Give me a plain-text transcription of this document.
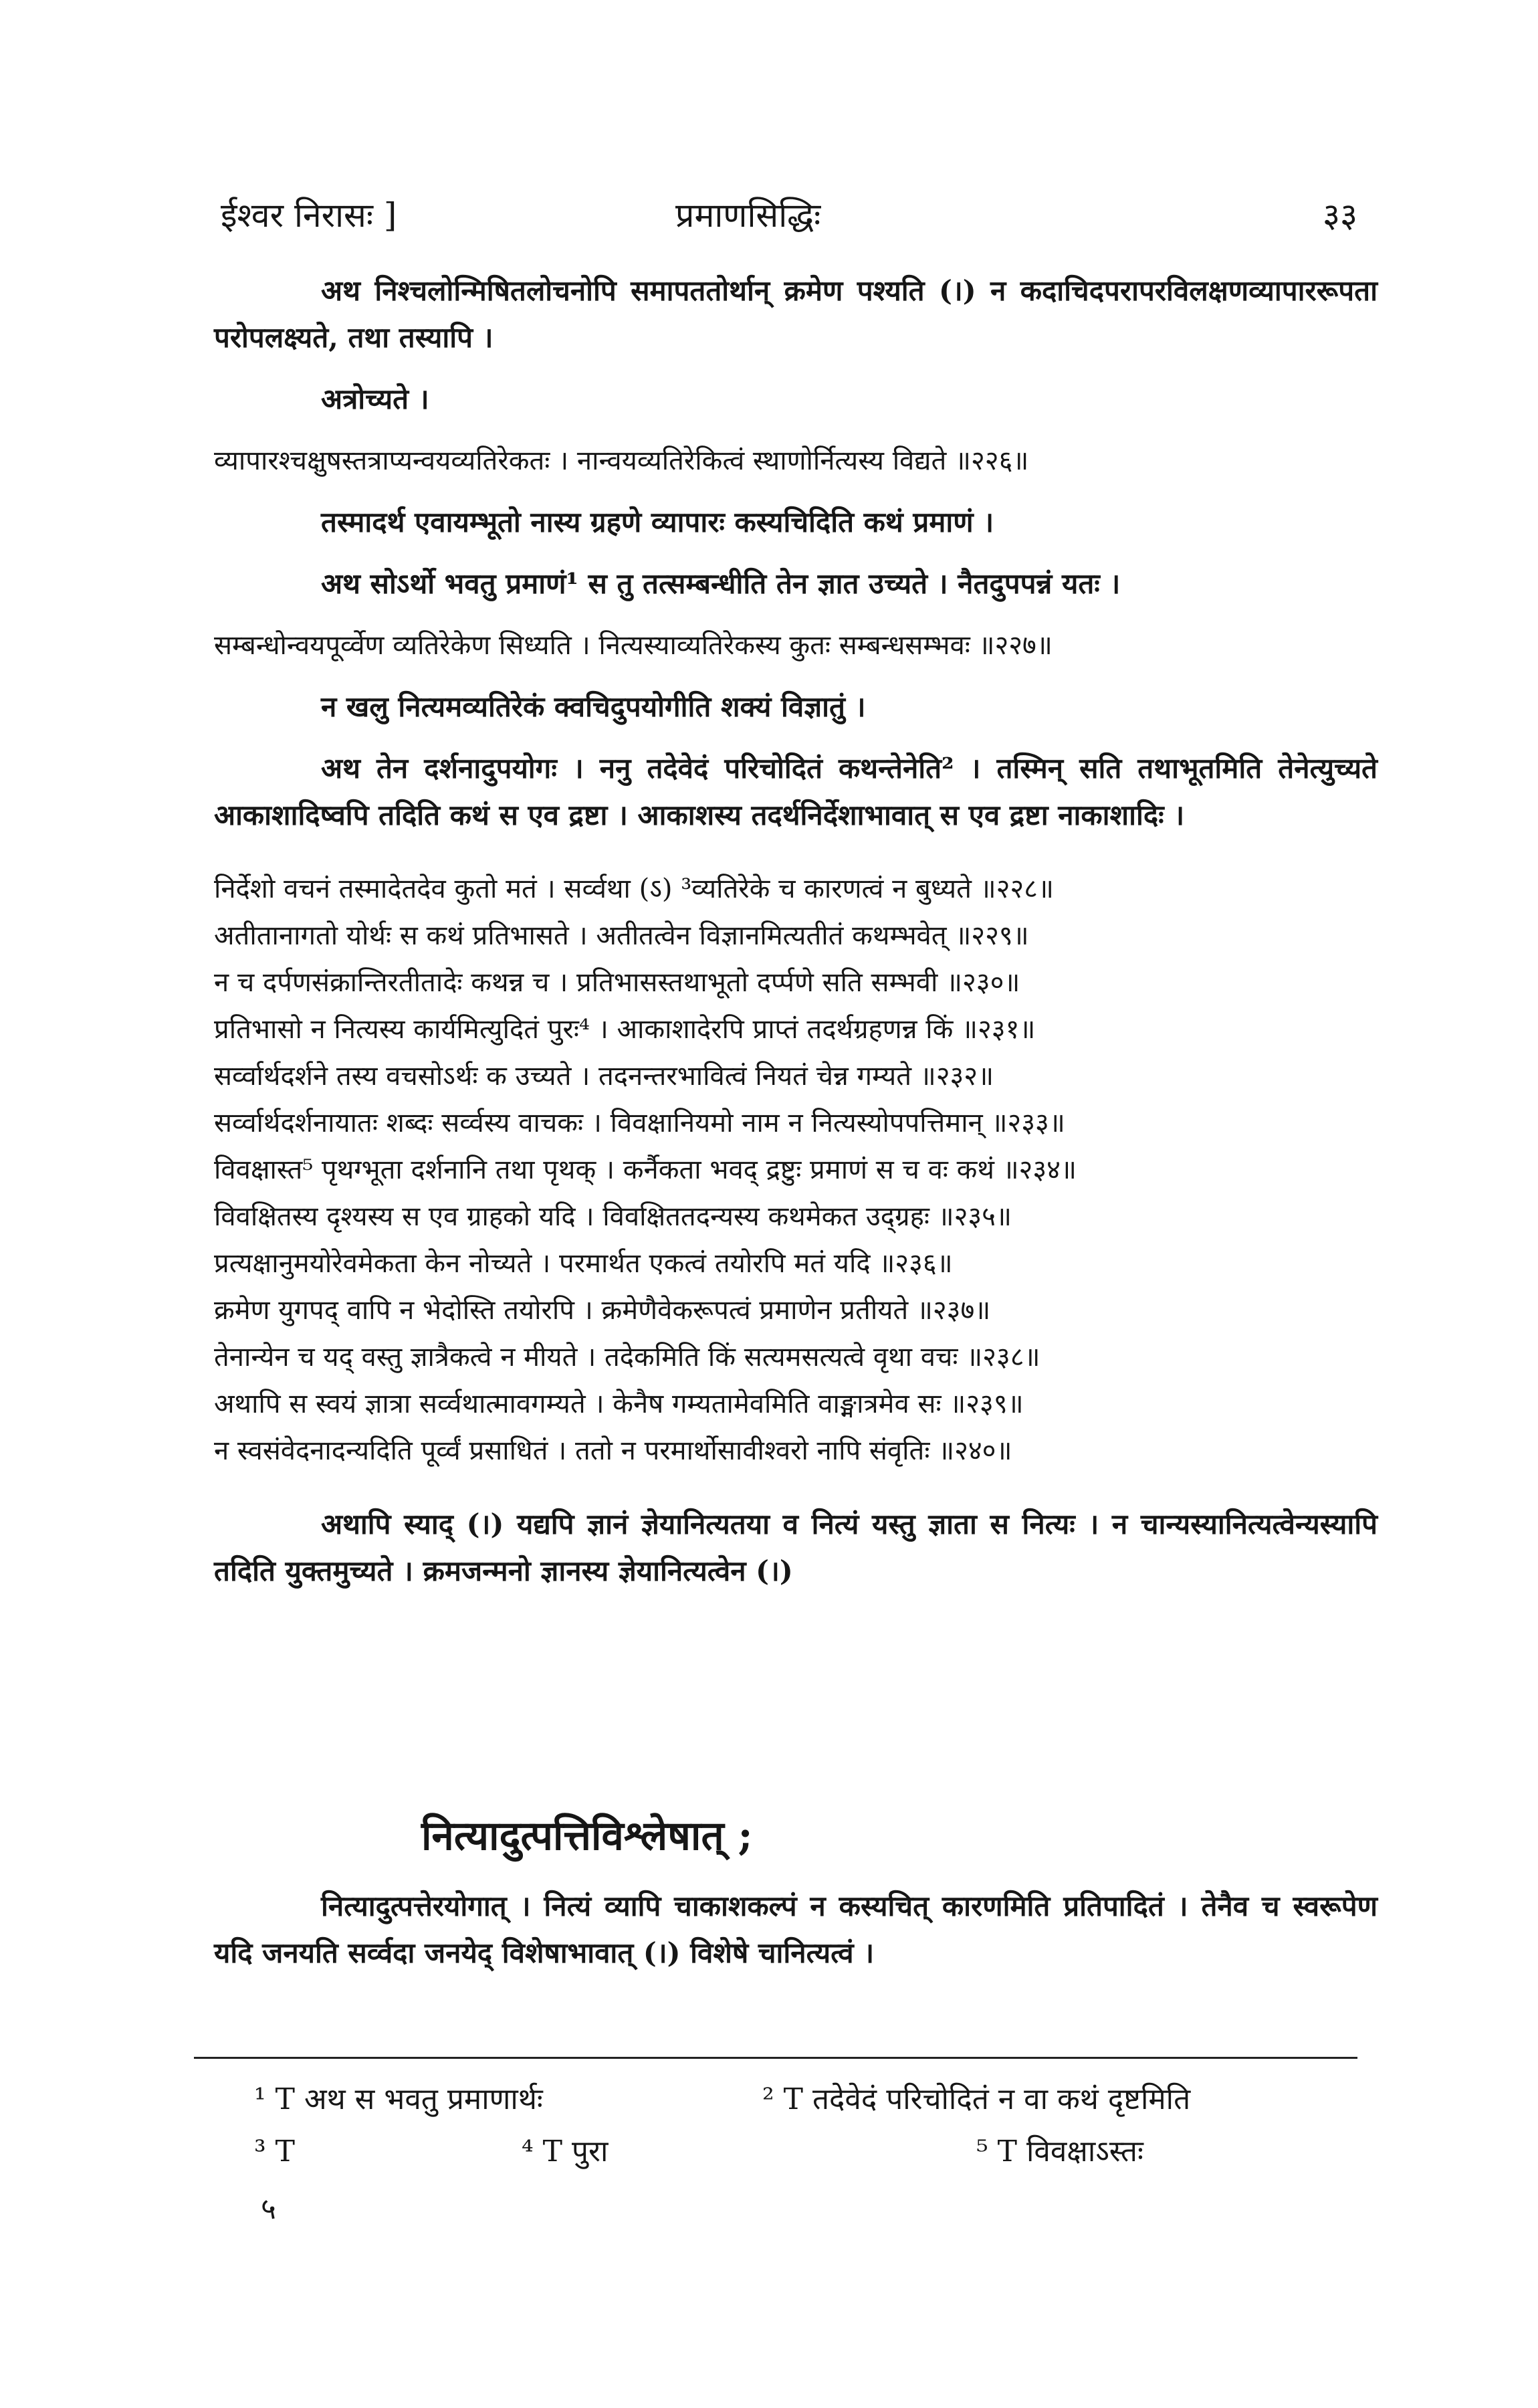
ईश्वर निरासः ]	प्रमाणसिद्धिः	३३

अथ निश्चलोन्मिषितलोचनोपि समापततोर्थान् क्रमेण पश्यति (।) न कदाचिदपरापरविलक्षणव्यापाररूपता परोपलक्ष्यते, तथा तस्यापि ।

अत्रोच्यते ।

व्यापारश्चक्षुषस्तत्राप्यन्वयव्यतिरेकतः । नान्वयव्यतिरेकित्वं स्थाणोर्नित्यस्य विद्यते ॥२२६॥

तस्मादर्थ एवायम्भूतो नास्य ग्रहणे व्यापारः कस्यचिदिति कथं प्रमाणं ।

अथ सोऽर्थो भवतु प्रमाणं¹ स तु तत्सम्बन्धीति तेन ज्ञात उच्यते । नैतदुपपन्नं यतः ।

सम्बन्धोन्वयपूर्व्वेण व्यतिरेकेण सिध्यति । नित्यस्याव्यतिरेकस्य कुतः सम्बन्धसम्भवः ॥२२७॥

न खलु नित्यमव्यतिरेकं क्वचिदुपयोगीति शक्यं विज्ञातुं ।

अथ तेन दर्शनादुपयोगः । ननु तदेवेदं परिचोदितं कथन्तेनेति² । तस्मिन् सति तथाभूतमिति तेनेत्युच्यते आकाशादिष्वपि तदिति कथं स एव द्रष्टा । आकाशस्य तदर्थनिर्देशाभावात् स एव द्रष्टा नाकाशादिः ।

निर्देशो वचनं तस्मादेतदेव कुतो मतं । सर्व्वथा (ऽ) ³व्यतिरेके च कारणत्वं न बुध्यते ॥२२८॥

अतीतानागतो योर्थः स कथं प्रतिभासते । अतीतत्वेन विज्ञानमित्यतीतं कथम्भवेत् ॥२२९॥

न च दर्पणसंक्रान्तिरतीतादेः कथन्न च । प्रतिभासस्तथाभूतो दर्प्पणे सति सम्भवी ॥२३०॥

प्रतिभासो न नित्यस्य कार्यमित्युदितं पुरः⁴ । आकाशादेरपि प्राप्तं तदर्थग्रहणन्न किं ॥२३१॥

सर्व्वार्थदर्शने तस्य वचसोऽर्थः क उच्यते । तदनन्तरभावित्वं नियतं चेन्न गम्यते ॥२३२॥

सर्व्वार्थदर्शनायातः शब्दः सर्व्वस्य वाचकः । विवक्षानियमो नाम न नित्यस्योपपत्तिमान् ॥२३३॥

विवक्षास्त⁵ पृथग्भूता दर्शनानि तथा पृथक् । कर्नैकता भवद् द्रष्टुः प्रमाणं स च वः कथं ॥२३४॥

विवक्षितस्य दृश्यस्य स एव ग्राहको यदि । विवक्षिततदन्यस्य कथमेकत उद्ग्रहः ॥२३५॥

प्रत्यक्षानुमयोरेवमेकता केन नोच्यते । परमार्थत एकत्वं तयोरपि मतं यदि ॥२३६॥

क्रमेण युगपद् वापि न भेदोस्ति तयोरपि । क्रमेणैवेकरूपत्वं प्रमाणेन प्रतीयते ॥२३७॥

तेनान्येन च यद् वस्तु ज्ञात्रैकत्वे न मीयते । तदेकमिति किं सत्यमसत्यत्वे वृथा वचः ॥२३८॥

अथापि स स्वयं ज्ञात्रा सर्व्वथात्मावगम्यते । केनैष गम्यतामेवमिति वाङ्मात्रमेव सः ॥२३९॥

न स्वसंवेदनादन्यदिति पूर्व्वं प्रसाधितं । ततो न परमार्थोसावीश्वरो नापि संवृतिः ॥२४०॥

अथापि स्याद् (।) यद्यपि ज्ञानं ज्ञेयानित्यतया व नित्यं यस्तु ज्ञाता स नित्यः । न चान्यस्यानित्यत्वेन्यस्यापि तदिति युक्तमुच्यते । क्रमजन्मनो ज्ञानस्य ज्ञेयानित्यत्वेन (।)

नित्यादुत्पत्तिविश्लेषात् ;

नित्यादुत्पत्तेरयोगात् । नित्यं व्यापि चाकाशकल्पं न कस्यचित् कारणमिति प्रतिपादितं । तेनैव च स्वरूपेण यदि जनयति सर्व्वदा जनयेद् विशेषाभावात् (।) विशेषे चानित्यत्वं ।

¹ T अथ स भवतु प्रमाणार्थः	² T तदेवेदं परिचोदितं न वा कथं दृष्टमिति
³ T	⁴ T पुरा	⁵ T विवक्षाऽस्तः
५
